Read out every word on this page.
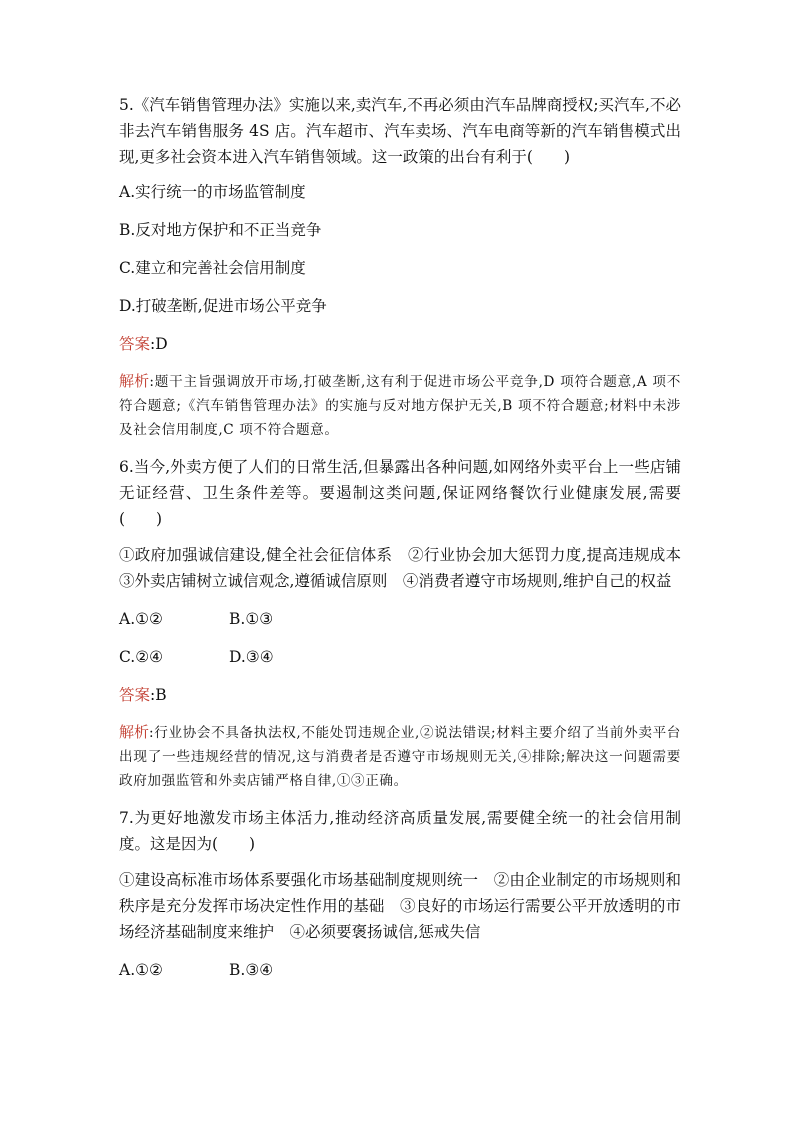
5.《汽车销售管理办法》实施以来,卖汽车,不再必须由汽车品牌商授权;买汽车,不必非去汽车销售服务 4S 店。汽车超市、汽车卖场、汽车电商等新的汽车销售模式出现,更多社会资本进入汽车销售领域。这一政策的出台有利于(　　)

A.实行统一的市场监管制度

B.反对地方保护和不正当竞争

C.建立和完善社会信用制度

D.打破垄断,促进市场公平竞争

答案:D

解析:题干主旨强调放开市场,打破垄断,这有利于促进市场公平竞争,D 项符合题意,A 项不符合题意;《汽车销售管理办法》的实施与反对地方保护无关,B 项不符合题意;材料中未涉及社会信用制度,C 项不符合题意。

6.当今,外卖方便了人们的日常生活,但暴露出各种问题,如网络外卖平台上一些店铺无证经营、卫生条件差等。要遏制这类问题,保证网络餐饮行业健康发展,需要(　　)

①政府加强诚信建设,健全社会征信体系　②行业协会加大惩罚力度,提高违规成本　③外卖店铺树立诚信观念,遵循诚信原则　④消费者遵守市场规则,维护自己的权益

A.①②	B.①③
C.②④	D.③④

答案:B

解析:行业协会不具备执法权,不能处罚违规企业,②说法错误;材料主要介绍了当前外卖平台出现了一些违规经营的情况,这与消费者是否遵守市场规则无关,④排除;解决这一问题需要政府加强监管和外卖店铺严格自律,①③正确。

7.为更好地激发市场主体活力,推动经济高质量发展,需要健全统一的社会信用制度。这是因为(　　)

①建设高标准市场体系要强化市场基础制度规则统一　②由企业制定的市场规则和秩序是充分发挥市场决定性作用的基础　③良好的市场运行需要公平开放透明的市场经济基础制度来维护　④必须要褒扬诚信,惩戒失信

A.①②	B.③④
